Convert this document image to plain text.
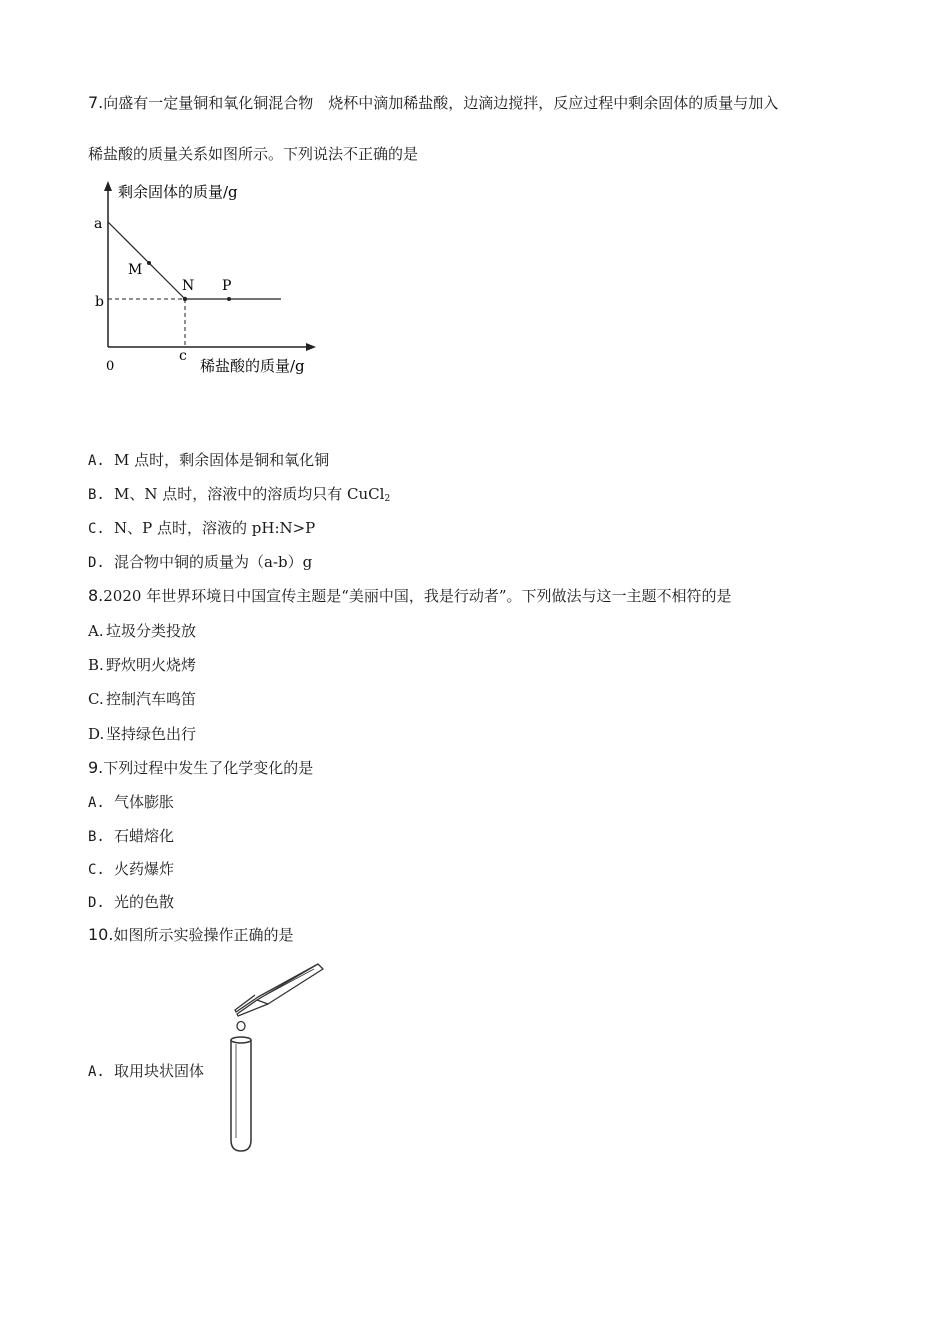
7.向盛有一定量铜和氧化铜混合物　烧杯中滴加稀盐酸，边滴边搅拌，反应过程中剩余固体的质量与加入
稀盐酸的质量关系如图所示。下列说法不正确的是
剩余固体的质量/g
稀盐酸的质量/g
0
a
b
c
M
N P
A. M 点时，剩余固体是铜和氧化铜
B. M、N 点时，溶液中的溶质均只有 CuCl$_2$
C. N、P 点时，溶液的 pH:N>P
D. 混合物中铜的质量为（a-b）g
8.2020 年世界环境日中国宣传主题是“美丽中国，我是行动者”。下列做法与这一主题不相符的是
A. 垃圾分类投放
B. 野炊明火烧烤
C. 控制汽车鸣笛
D. 坚持绿色出行
9.下列过程中发生了化学变化的是
A. 气体膨胀
B. 石蜡熔化
C. 火药爆炸
D. 光的色散
10.如图所示实验操作正确的是
A. 取用块状固体
